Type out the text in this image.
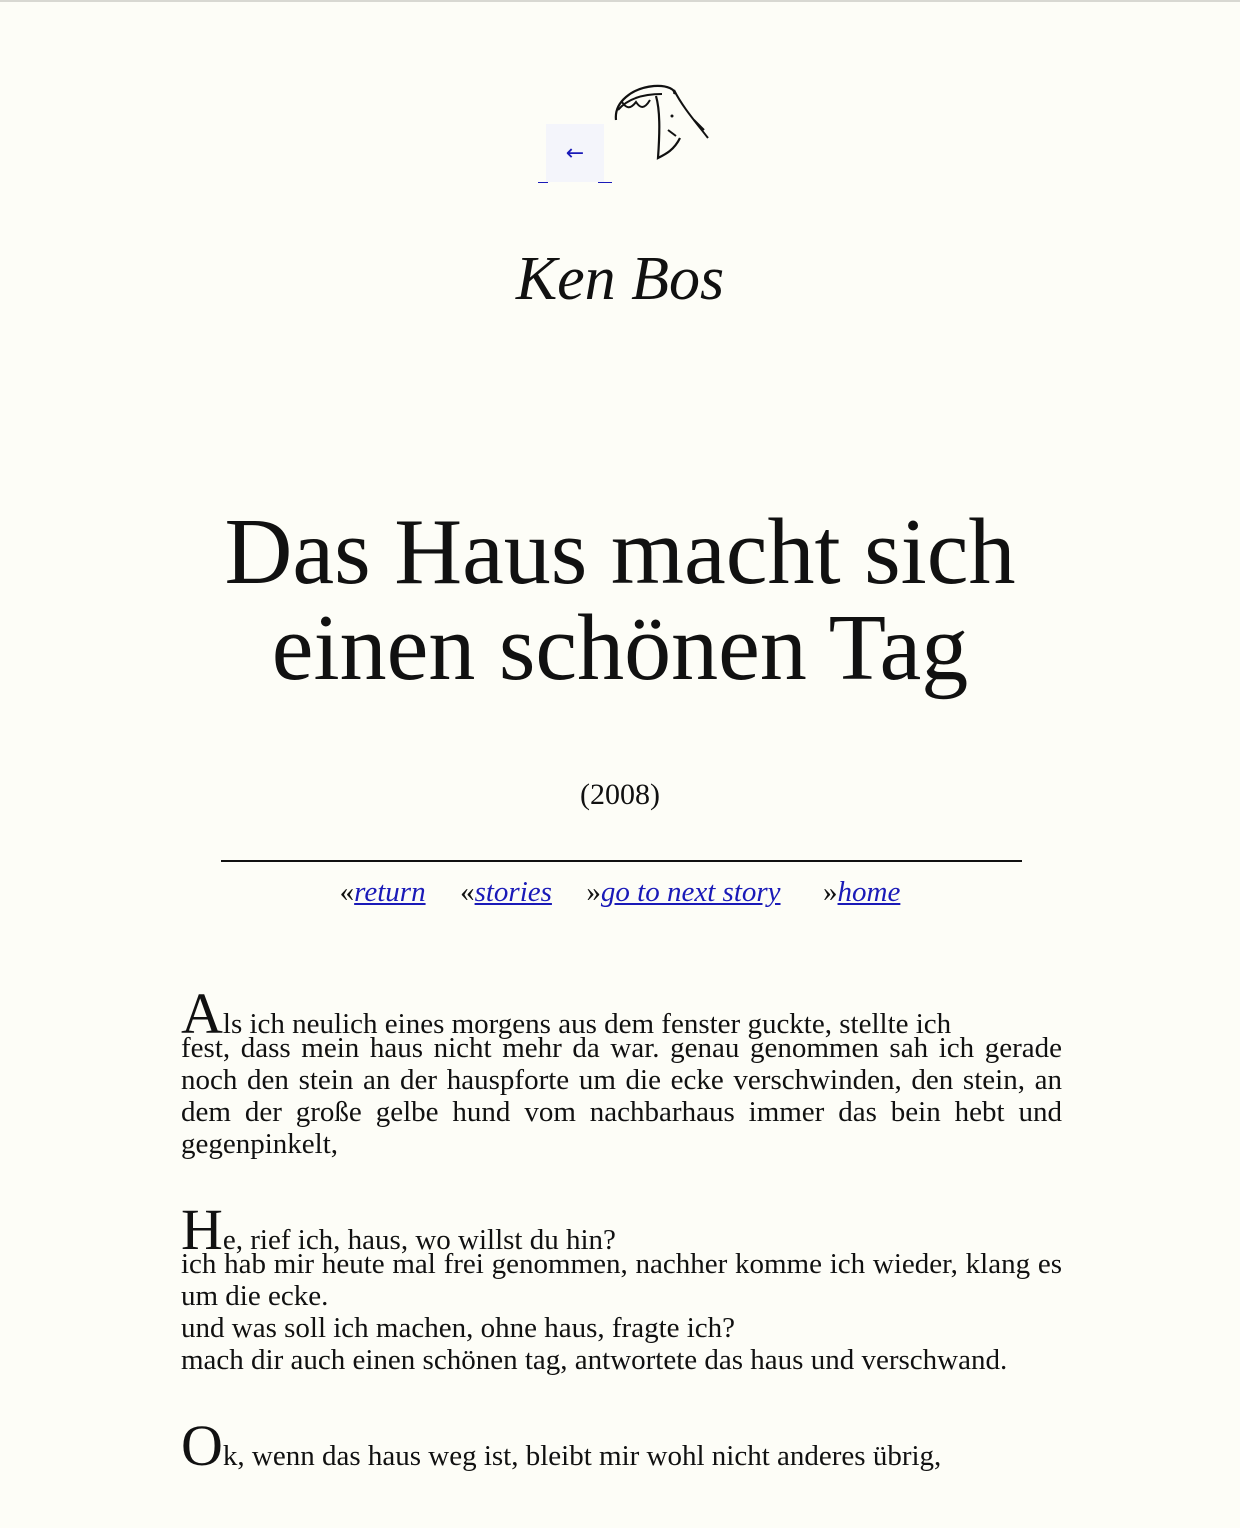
←
Ken Bos
Das Haus macht sich
einen schönen Tag
(2008)
«return «stories »go to next story »home

Als ich neulich eines morgens aus dem fenster guckte, stellte ich
fest, dass mein haus nicht mehr da war. genau genommen sah ich gerade noch den stein an der hauspforte um die ecke verschwinden, den stein, an dem der große gelbe hund vom nachbarhaus immer das bein hebt und gegenpinkelt,

He, rief ich, haus, wo willst du hin?
ich hab mir heute mal frei genommen, nachher komme ich wieder, klang es um die ecke.
und was soll ich machen, ohne haus, fragte ich?
mach dir auch einen schönen tag, antwortete das haus und verschwand.

Ok, wenn das haus weg ist, bleibt mir wohl nicht anderes übrig,
